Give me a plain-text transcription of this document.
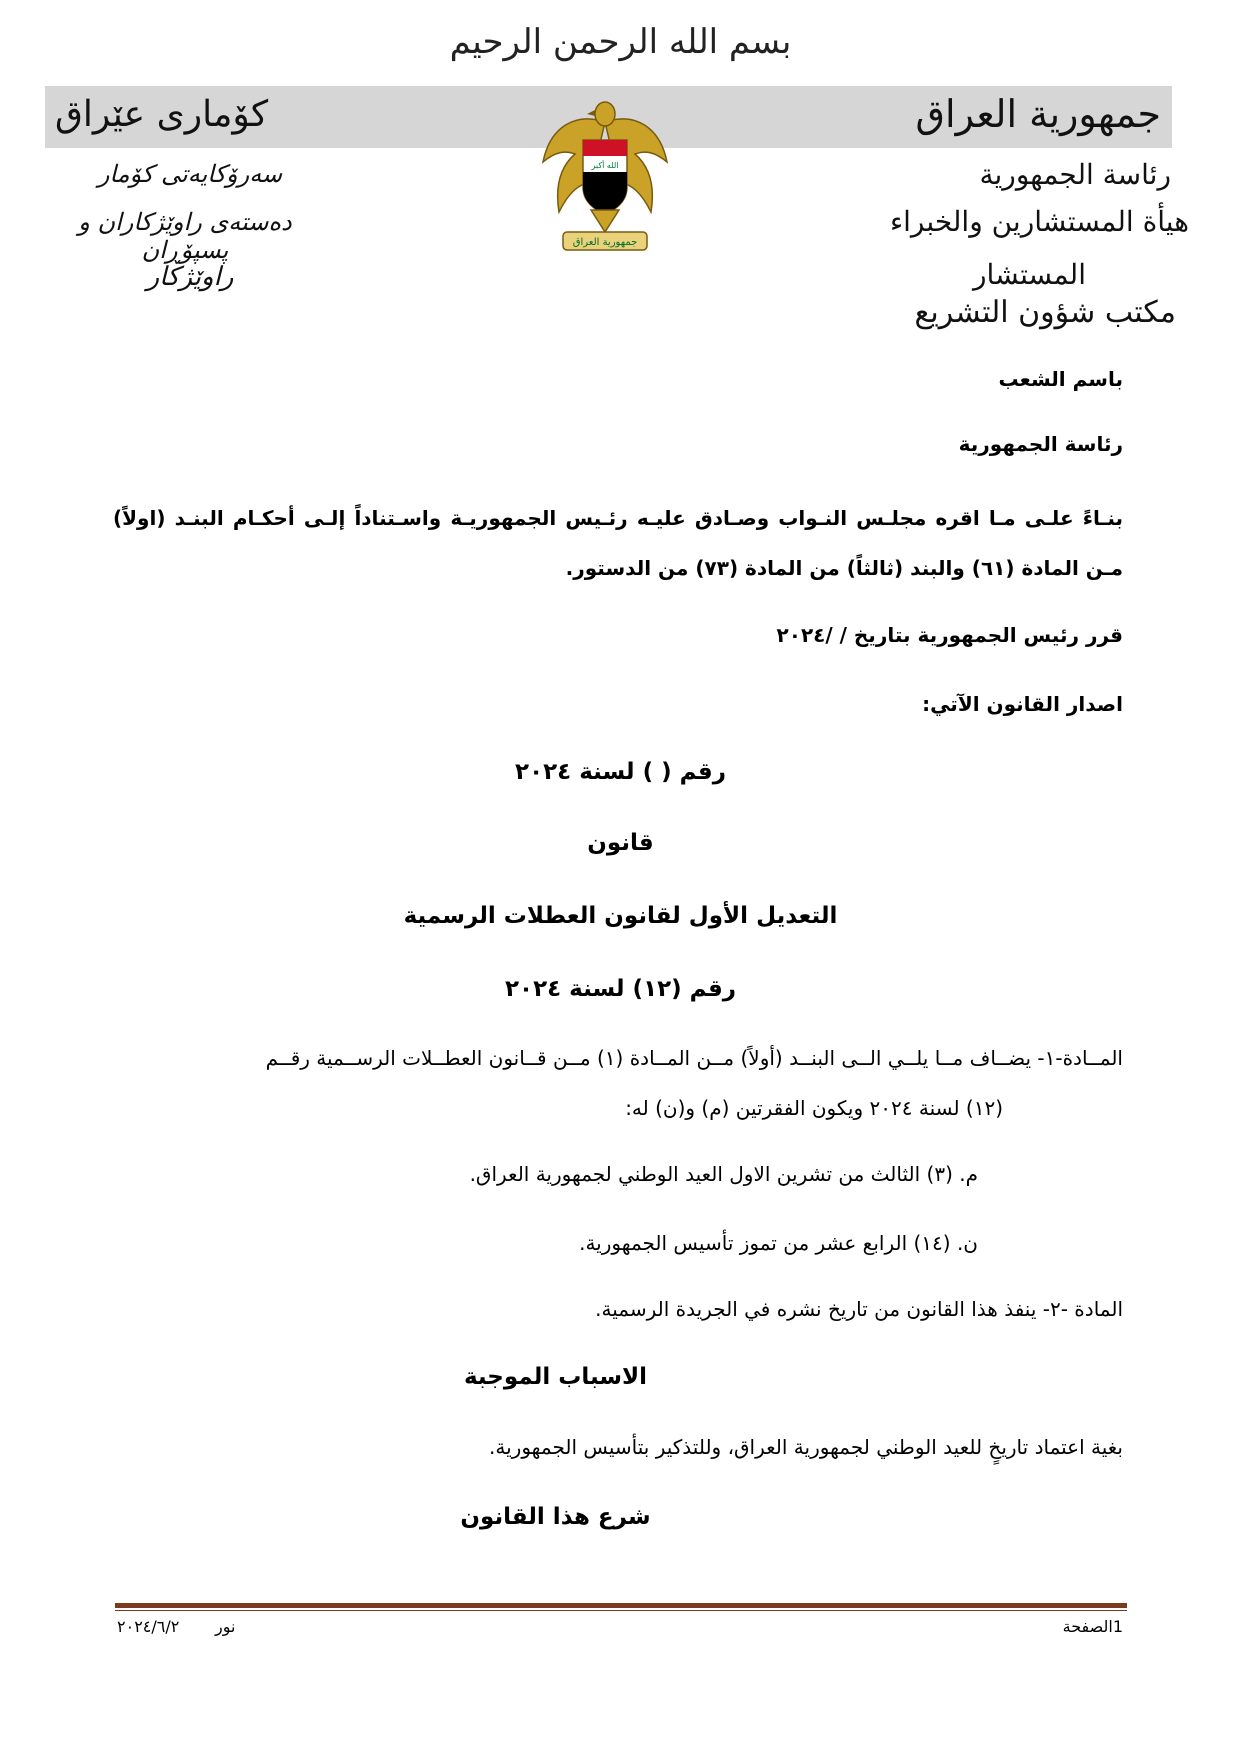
بسم الله الرحمن الرحيم
جمهورية العراق
کۆماری عێراق
رئاسة الجمهورية
هيأة المستشارين والخبراء
المستشار
مكتب شؤون التشريع
سەرۆکایەتی کۆمار
دەستەی راوێژکاران و پسپۆڕان
راوێژکار
الله أكبر
جمهورية العراق
باسم الشعب
رئاسة الجمهورية
بنـاءً علـى مـا اقره مجلـس النـواب وصـادق عليـه رئـيس الجمهوريـة واسـتناداً إلـى أحكـام البنـد (اولاً) مـن المادة (٦١) والبند (ثالثاً) من المادة (٧٣) من الدستور.
قرر رئيس الجمهورية بتاريخ / /٢٠٢٤
اصدار القانون الآتي:
رقم ( ) لسنة ٢٠٢٤
قانون
التعديل الأول لقانون العطلات الرسمية
رقم (١٢) لسنة ٢٠٢٤
المــادة-١- يضــاف مــا يلــي الــى البنــد (أولاً) مــن المــادة (١) مــن قــانون العطــلات الرســمية رقــم
(١٢) لسنة ٢٠٢٤ ويكون الفقرتين (م) و(ن) له:
م. (٣) الثالث من تشرين الاول العيد الوطني لجمهورية العراق.
ن. (١٤) الرابع عشر من تموز تأسيس الجمهورية.
المادة -٢- ينفذ هذا القانون من تاريخ نشره في الجريدة الرسمية.
الاسباب الموجبة
بغية اعتماد تاريخٍ للعيد الوطني لجمهورية العراق، وللتذكير بتأسيس الجمهورية.
شرع هذا القانون
1الصفحة
نور
٢٠٢٤/٦/٢
